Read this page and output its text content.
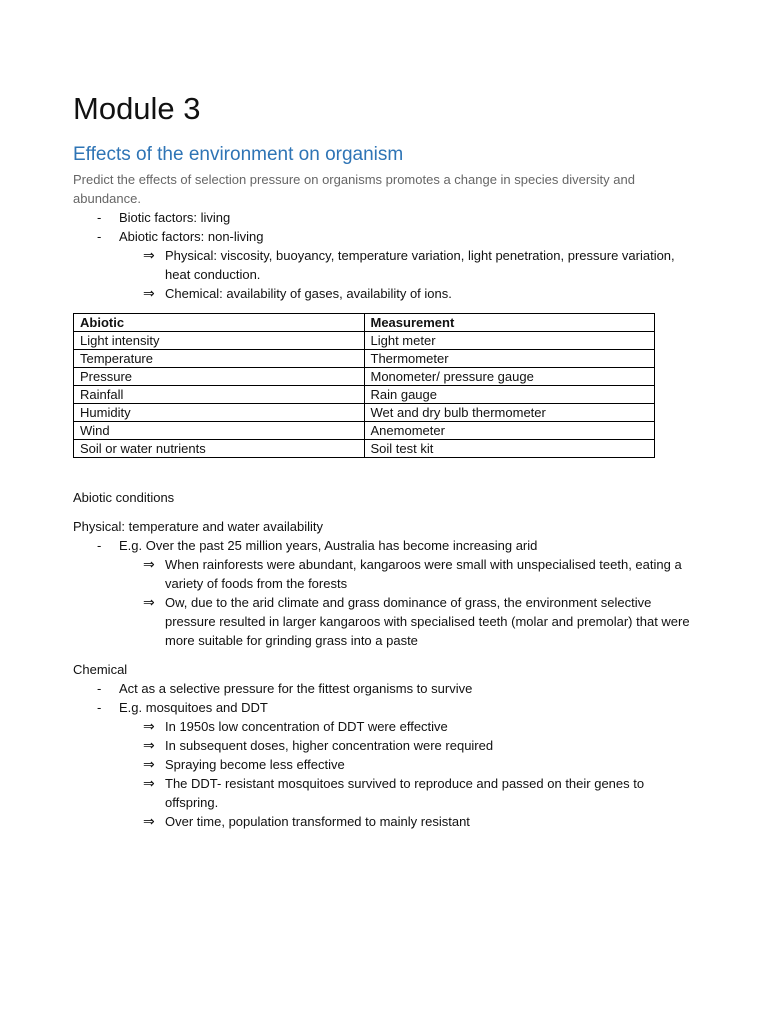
Module 3
Effects of the environment on organism
Predict the effects of selection pressure on organisms promotes a change in species diversity and abundance.
- Biotic factors: living
- Abiotic factors: non-living
⇒ Physical: viscosity, buoyancy, temperature variation, light penetration, pressure variation, heat conduction.
⇒ Chemical: availability of gases, availability of ions.
Abiotic	Measurement
Light intensity	Light meter
Temperature	Thermometer
Pressure	Monometer/ pressure gauge
Rainfall	Rain gauge
Humidity	Wet and dry bulb thermometer
Wind	Anemometer
Soil or water nutrients	Soil test kit
Abiotic conditions
Physical: temperature and water availability
- E.g. Over the past 25 million years, Australia has become increasing arid
⇒ When rainforests were abundant, kangaroos were small with unspecialised teeth, eating a variety of foods from the forests
⇒ Ow, due to the arid climate and grass dominance of grass, the environment selective pressure resulted in larger kangaroos with specialised teeth (molar and premolar) that were more suitable for grinding grass into a paste
Chemical
- Act as a selective pressure for the fittest organisms to survive
- E.g. mosquitoes and DDT
⇒ In 1950s low concentration of DDT were effective
⇒ In subsequent doses, higher concentration were required
⇒ Spraying become less effective
⇒ The DDT- resistant mosquitoes survived to reproduce and passed on their genes to offspring.
⇒ Over time, population transformed to mainly resistant
